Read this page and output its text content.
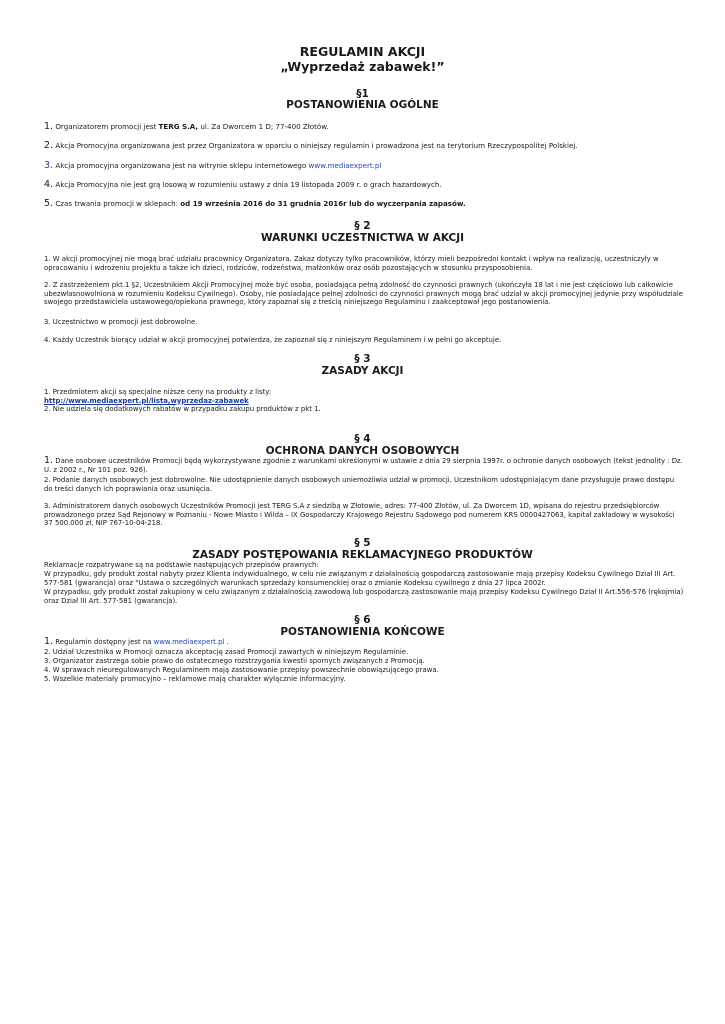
REGULAMIN AKCJI
„Wyprzedaż zabawek!”
§1
POSTANOWIENIA OGÓLNE
1. Organizatorem promocji jest TERG S.A, ul. Za Dworcem 1 D; 77-400 Złotów.
2. Akcja Promocyjna organizowana jest przez Organizatora w oparciu o niniejszy regulamin i prowadzona jest na terytorium Rzeczypospolitej Polskiej.
3. Akcja promocyjna organizowana jest na witrynie sklepu internetowego www.mediaexpert.pl
4. Akcja Promocyjna nie jest grą losową w rozumieniu ustawy z dnia 19 listopada 2009 r. o grach hazardowych.
5. Czas trwania promocji w sklepach: od 19 września 2016 do 31 grudnia 2016r lub do wyczerpania zapasów.
§ 2
WARUNKI UCZESTNICTWA W AKCJI
1. W akcji promocyjnej nie mogą brać udziału pracownicy Organizatora. Zakaz dotyczy tylko pracowników, którzy mieli bezpośredni kontakt i wpływ na realizację, uczestniczyły w opracowaniu i wdrożeniu projektu a także ich dzieci, rodziców, rodzeństwa, małżonków oraz osób pozostających w stosunku przysposobienia.
2. Z zastrzeżeniem pkt.1 §2, Uczestnikiem Akcji Promocyjnej może być osoba, posiadająca pełną zdolność do czynności prawnych (ukończyła 18 lat i nie jest częściowo lub całkowicie ubezwłasnowolniona w rozumieniu Kodeksu Cywilnego). Osoby, nie posiadające pełnej zdolności do czynności prawnych mogą brać udział w akcji promocyjnej jedynie przy współudziale swojego przedstawiciela ustawowego/opiekuna prawnego, który zapoznał się z treścią niniejszego Regulaminu i zaakceptował jego postanowienia.
3. Uczestnictwo w promocji jest dobrowolne.
4. Każdy Uczestnik biorący udział w akcji promocyjnej potwierdza, że zapoznał się z niniejszym Regulaminem i w pełni go akceptuje.
§ 3
ZASADY AKCJI
1. Przedmiotem akcji są specjalne niższe ceny na produkty z listy:
http://www.mediaexpert.pl/lista,wyprzedaz-zabawek
2. Nie udziela się dodatkowych rabatów w przypadku zakupu produktów z pkt 1.
§ 4
OCHRONA DANYCH OSOBOWYCH
1. Dane osobowe uczestników Promocji będą wykorzystywane zgodnie z warunkami określonymi w ustawie z dnia 29 sierpnia 1997r. o ochronie danych osobowych (tekst jednolity : Dz. U. z 2002 r., Nr 101 poz. 926).
2. Podanie danych osobowych jest dobrowolne. Nie udostępnienie danych osobowych uniemożliwia udział w promocji. Uczestnikom udostępniającym dane przysługuje prawo dostępu do treści danych ich poprawiania oraz usunięcia.
3. Administratorem danych osobowych Uczestników Promocji jest TERG S.A z siedzibą w Złotowie, adres: 77-400 Złotów, ul. Za Dworcem 1D, wpisana do rejestru przedsiębiorców prowadzonego przez Sąd Rejonowy w Poznaniu - Nowe Miasto i Wilda – IX Gospodarczy Krajowego Rejestru Sądowego pod numerem KRS 0000427063, kapitał zakładowy w wysokości 37 500.000 zł, NIP 767-10-04-218.
§ 5
ZASADY POSTĘPOWANIA REKLAMACYJNEGO PRODUKTÓW
Reklamacje rozpatrywane są na podstawie następujących przepisów prawnych:
W przypadku, gdy produkt został nabyty przez Klienta indywidualnego, w celu nie związanym z działalnością gospodarczą zastosowanie mają przepisy Kodeksu Cywilnego Dział III Art. 577-581 (gwarancja) oraz "Ustawa o szczególnych warunkach sprzedaży konsumenckiej oraz o zmianie Kodeksu cywilnego z dnia 27 lipca 2002r.
W przypadku, gdy produkt został zakupiony w celu związanym z działalnością zawodową lub gospodarczą zastosowanie mają przepisy Kodeksu Cywilnego Dział II Art.556-576 (rękojmia) oraz Dział III Art. 577-581 (gwarancja).
§ 6
POSTANOWIENIA KOŃCOWE
1. Regulamin dostępny jest na www.mediaexpert.pl .
2. Udział Uczestnika w Promocji oznacza akceptację zasad Promocji zawartych w niniejszym Regulaminie.
3. Organizator zastrzega sobie prawo do ostatecznego rozstrzygania kwestii spornych związanych z Promocją.
4. W sprawach nieuregulowanych Regulaminem mają zastosowanie przepisy powszechnie obowiązującego prawa.
5. Wszelkie materiały promocyjno – reklamowe mają charakter wyłącznie informacyjny.
